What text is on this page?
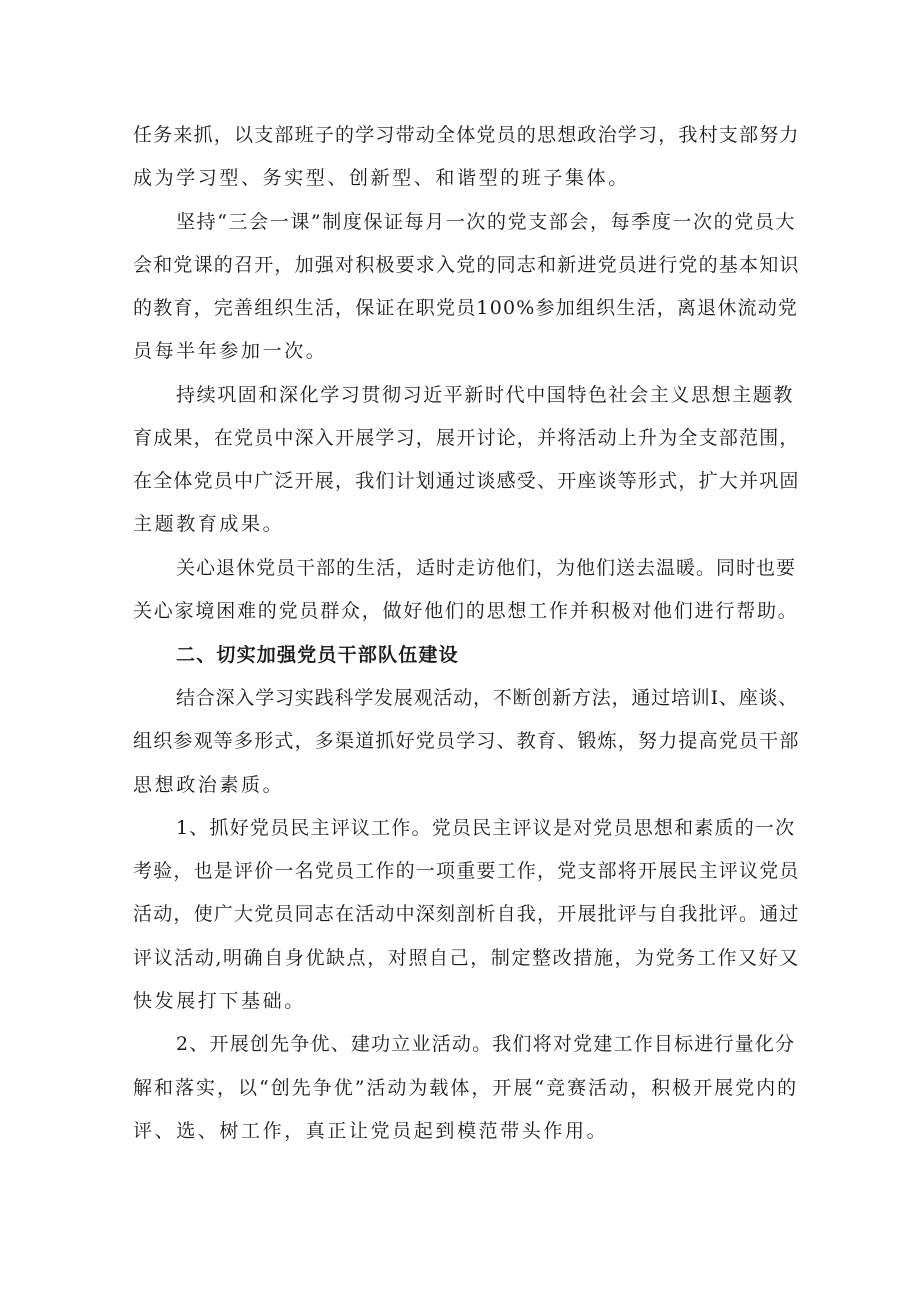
任务来抓，以支部班子的学习带动全体党员的思想政治学习，我村支部努力
成为学习型、务实型、创新型、和谐型的班子集体。
坚持“三会一课”制度保证每月一次的党支部会，每季度一次的党员大
会和党课的召开，加强对积极要求入党的同志和新进党员进行党的基本知识
的教育，完善组织生活，保证在职党员100%参加组织生活，离退休流动党
员每半年参加一次。
持续巩固和深化学习贯彻习近平新时代中国特色社会主义思想主题教
育成果，在党员中深入开展学习，展开讨论，并将活动上升为全支部范围，
在全体党员中广泛开展，我们计划通过谈感受、开座谈等形式，扩大并巩固
主题教育成果。
关心退休党员干部的生活，适时走访他们，为他们送去温暖。同时也要
关心家境困难的党员群众，做好他们的思想工作并积极对他们进行帮助。
二、切实加强党员干部队伍建设
结合深入学习实践科学发展观活动，不断创新方法，通过培训I、座谈、
组织参观等多形式，多渠道抓好党员学习、教育、锻炼，努力提高党员干部
思想政治素质。
1、抓好党员民主评议工作。党员民主评议是对党员思想和素质的一次
考验，也是评价一名党员工作的一项重要工作，党支部将开展民主评议党员
活动，使广大党员同志在活动中深刻剖析自我，开展批评与自我批评。通过
评议活动,明确自身优缺点，对照自己，制定整改措施，为党务工作又好又
快发展打下基础。
2、开展创先争优、建功立业活动。我们将对党建工作目标进行量化分
解和落实，以“创先争优”活动为载体，开展“竞赛活动，积极开展党内的
评、选、树工作，真正让党员起到模范带头作用。
